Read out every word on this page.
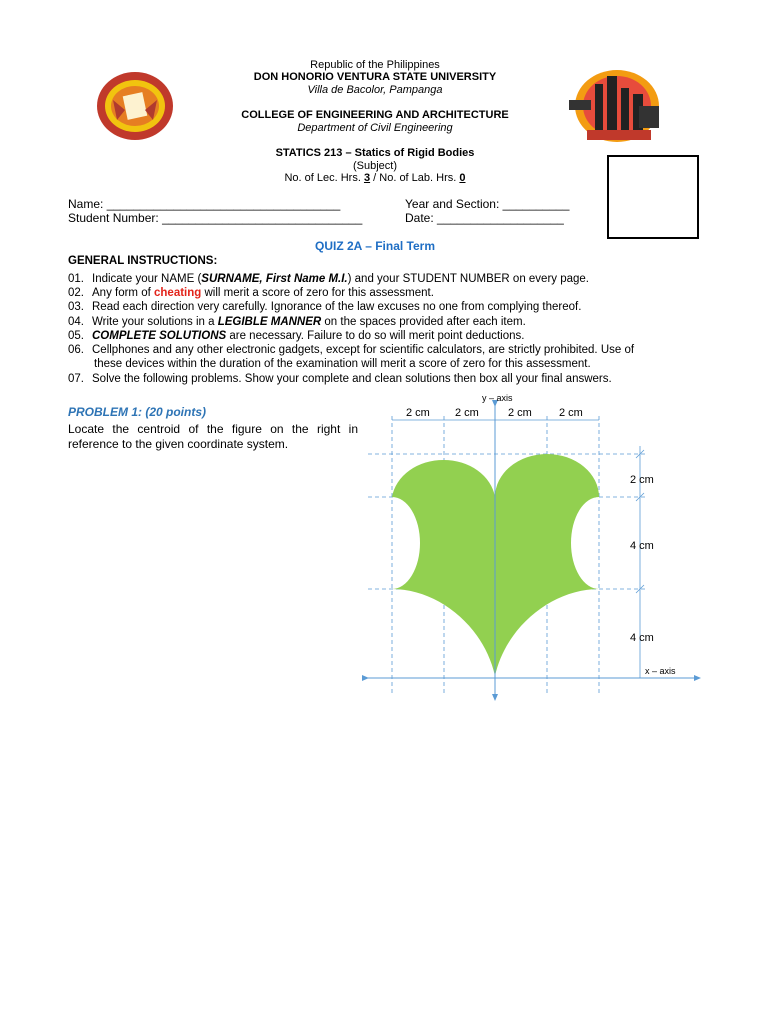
Republic of the Philippines
DON HONORIO VENTURA STATE UNIVERSITY
Villa de Bacolor, Pampanga
COLLEGE OF ENGINEERING AND ARCHITECTURE
Department of Civil Engineering
STATICS 213 – Statics of Rigid Bodies
(Subject)
No. of Lec. Hrs. 3 / No. of Lab. Hrs. 0
Name: ___________________________________	Year and Section: __________
Student Number: ______________________________	Date: ___________________
QUIZ 2A – Final Term
GENERAL INSTRUCTIONS:
01. Indicate your NAME (SURNAME, First Name M.I.) and your STUDENT NUMBER on every page.
02. Any form of cheating will merit a score of zero for this assessment.
03. Read each direction very carefully. Ignorance of the law excuses no one from complying thereof.
04. Write your solutions in a LEGIBLE MANNER on the spaces provided after each item.
05. COMPLETE SOLUTIONS are necessary. Failure to do so will merit point deductions.
06. Cellphones and any other electronic gadgets, except for scientific calculators, are strictly prohibited. Use of
these devices within the duration of the examination will merit a score of zero for this assessment.
07. Solve the following problems. Show your complete and clean solutions then box all your final answers.
PROBLEM 1: (20 points)
Locate the centroid of the figure on the right in reference to the given coordinate system.
y – axis
x – axis
2 cm 2 cm	2 cm 2 cm
2 cm
4 cm
4 cm
